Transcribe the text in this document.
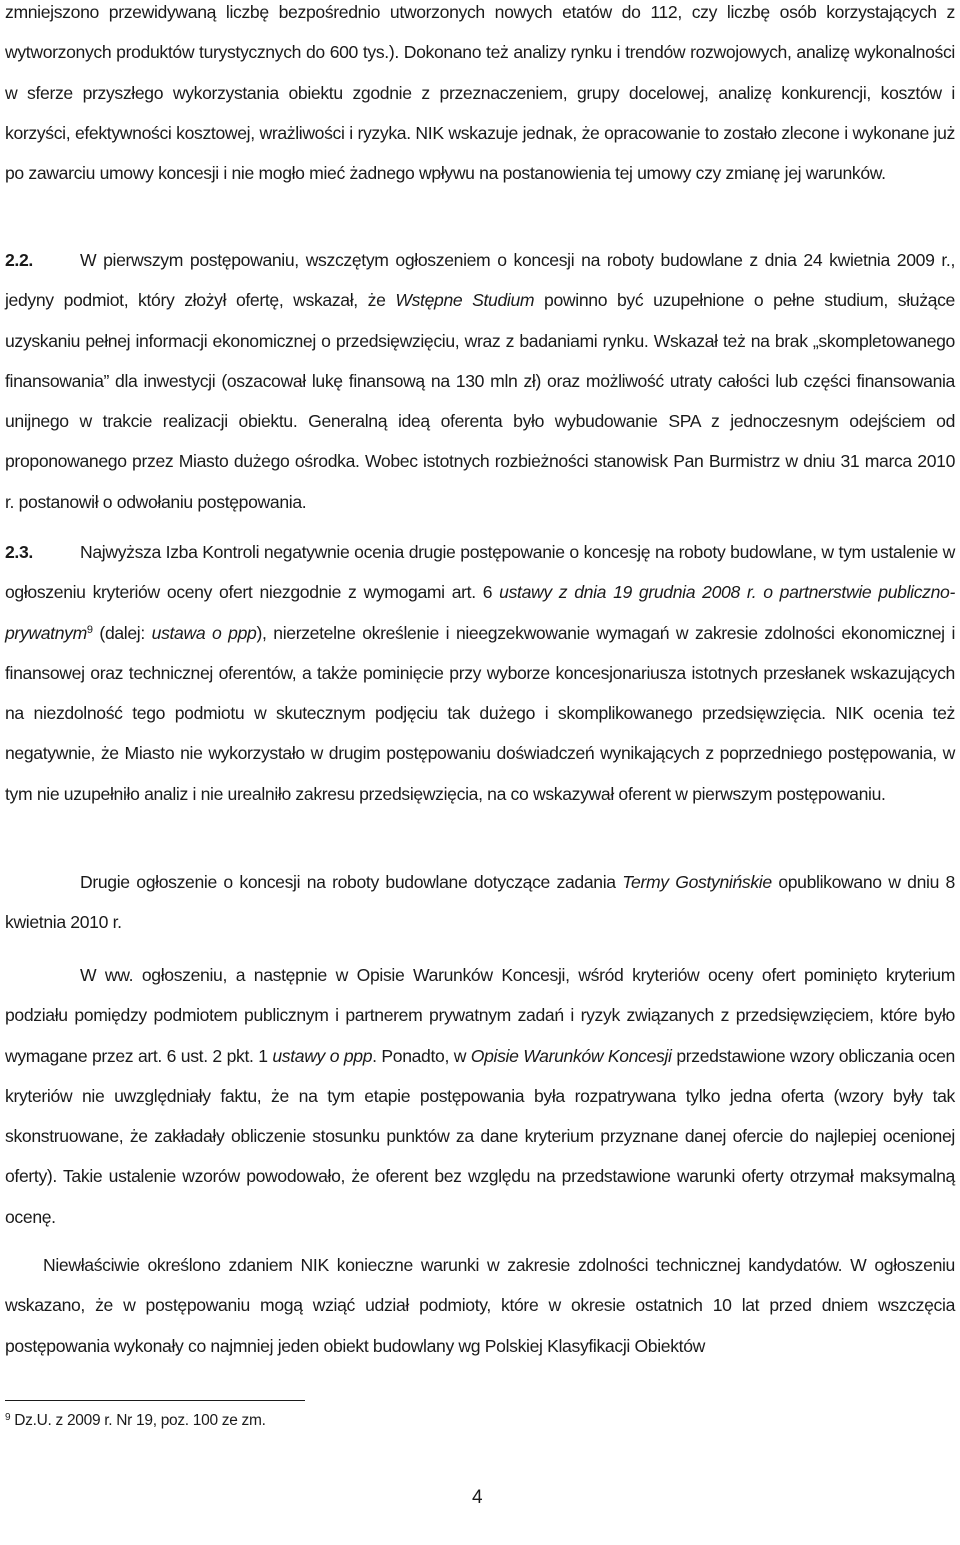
zmniejszono przewidywaną liczbę bezpośrednio utworzonych nowych etatów do 112, czy liczbę osób korzystających z wytworzonych produktów turystycznych do 600 tys.). Dokonano też analizy rynku i trendów rozwojowych, analizę wykonalności w sferze przyszłego wykorzystania obiektu zgodnie z przeznaczeniem, grupy docelowej, analizę konkurencji, kosztów i korzyści, efektywności kosztowej, wrażliwości i ryzyka. NIK wskazuje jednak, że opracowanie to zostało zlecone i wykonane już po zawarciu umowy koncesji i nie mogło mieć żadnego wpływu na postanowienia tej umowy czy zmianę jej warunków.

2.2.	W pierwszym postępowaniu, wszczętym ogłoszeniem o koncesji na roboty budowlane z dnia 24 kwietnia 2009 r., jedyny podmiot, który złożył ofertę, wskazał, że Wstępne Studium powinno być uzupełnione o pełne studium, służące uzyskaniu pełnej informacji ekonomicznej o przedsięwzięciu, wraz z badaniami rynku. Wskazał też na brak „skompletowanego finansowania” dla inwestycji (oszacował lukę finansową na 130 mln zł) oraz możliwość utraty całości lub części finansowania unijnego w trakcie realizacji obiektu. Generalną ideą oferenta było wybudowanie SPA z jednoczesnym odejściem od proponowanego przez Miasto dużego ośrodka. Wobec istotnych rozbieżności stanowisk Pan Burmistrz w dniu 31 marca 2010 r. postanowił o odwołaniu postępowania.

2.3.	Najwyższa Izba Kontroli negatywnie ocenia drugie postępowanie o koncesję na roboty budowlane, w tym ustalenie w ogłoszeniu kryteriów oceny ofert niezgodnie z wymogami art. 6 ustawy z dnia 19 grudnia 2008 r. o partnerstwie publiczno-prywatnym$^9$ (dalej: ustawa o ppp), nierzetelne określenie i nieegzekwowanie wymagań w zakresie zdolności ekonomicznej i finansowej oraz technicznej oferentów, a także pominięcie przy wyborze koncesjonariusza istotnych przesłanek wskazujących na niezdolność tego podmiotu w skutecznym podjęciu tak dużego i skomplikowanego przedsięwzięcia. NIK ocenia też negatywnie, że Miasto nie wykorzystało w drugim postępowaniu doświadczeń wynikających z poprzedniego postępowania, w tym nie uzupełniło analiz i nie urealniło zakresu przedsięwzięcia, na co wskazywał oferent w pierwszym postępowaniu.

Drugie ogłoszenie o koncesji na roboty budowlane dotyczące zadania Termy Gostynińskie opublikowano w dniu 8 kwietnia 2010 r.

W ww. ogłoszeniu, a następnie w Opisie Warunków Koncesji, wśród kryteriów oceny ofert pominięto kryterium podziału pomiędzy podmiotem publicznym i partnerem prywatnym zadań i ryzyk związanych z przedsięwzięciem, które było wymagane przez art. 6 ust. 2 pkt. 1 ustawy o ppp. Ponadto, w Opisie Warunków Koncesji przedstawione wzory obliczania ocen kryteriów nie uwzględniały faktu, że na tym etapie postępowania była rozpatrywana tylko jedna oferta (wzory były tak skonstruowane, że zakładały obliczenie stosunku punktów za dane kryterium przyznane danej ofercie do najlepiej ocenionej oferty). Takie ustalenie wzorów powodowało, że oferent bez względu na przedstawione warunki oferty otrzymał maksymalną ocenę.

Niewłaściwie określono zdaniem NIK konieczne warunki w zakresie zdolności technicznej kandydatów. W ogłoszeniu wskazano, że w postępowaniu mogą wziąć udział podmioty, które w okresie ostatnich 10 lat przed dniem wszczęcia postępowania wykonały co najmniej jeden obiekt budowlany wg Polskiej Klasyfikacji Obiektów

$^9$ Dz.U. z 2009 r. Nr 19, poz. 100 ze zm.
4
